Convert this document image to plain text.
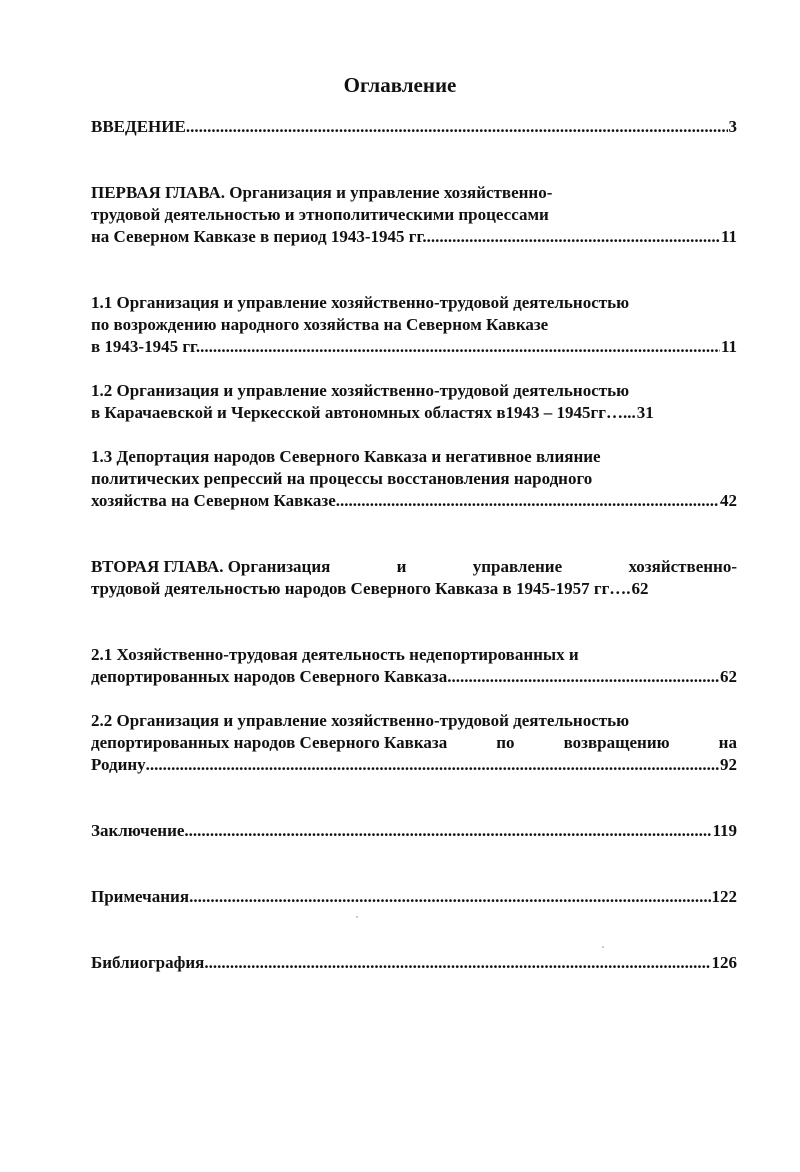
Оглавление
ВВЕДЕНИЕ .....	3
ПЕРВАЯ ГЛАВА. Организация и управление хозяйственно-
трудовой деятельностью и этнополитическими процессами
на Северном Кавказе в период 1943-1945 гг. .....	11
1.1 Организация и управление хозяйственно-трудовой деятельностью
по возрождению народного хозяйства на Северном Кавказе
в 1943-1945 гг. .....	11
1.2 Организация и управление хозяйственно-трудовой деятельностью
в Карачаевской и Черкесской автономных областях в1943 – 1945гг…... 31
1.3 Депортация народов Северного Кавказа и негативное влияние
политических репрессий на процессы восстановления народного
хозяйства на Северном Кавказе .....	42
ВТОРАЯ ГЛАВА. Организация	и	управление	хозяйственно-
трудовой деятельностью народов Северного Кавказа в 1945-1957 гг…. 62
2.1 Хозяйственно-трудовая деятельность недепортированных и
депортированных народов Северного Кавказа .....	62
2.2 Организация и управление хозяйственно-трудовой деятельностью
депортированных народов Северного Кавказа	по	возвращению	на
Родину .....	92
Заключение .....	119
Примечания .....	122
Библиография .....	126
